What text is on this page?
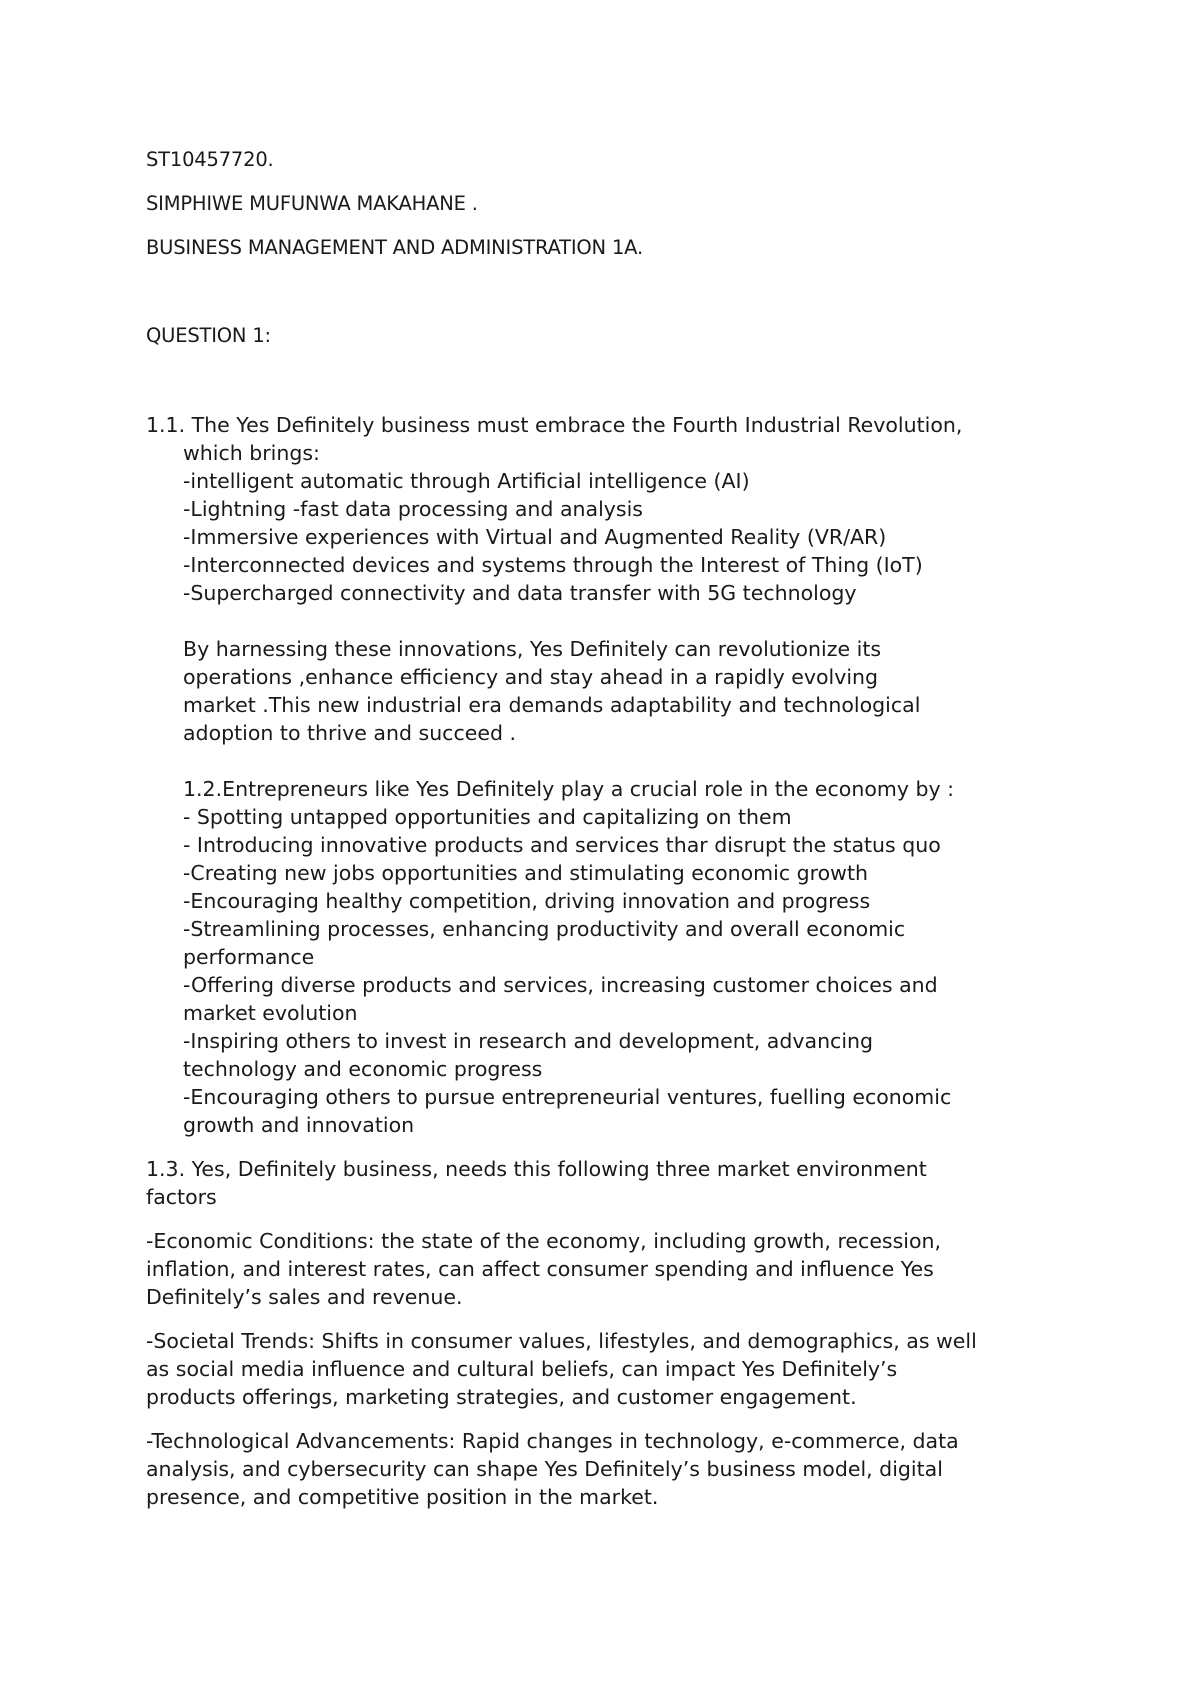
ST10457720.

SIMPHIWE MUFUNWA MAKAHANE .

BUSINESS MANAGEMENT AND ADMINISTRATION 1A.

QUESTION 1:

1.1. The Yes Definitely business must embrace the Fourth Industrial Revolution,

which brings:

-intelligent automatic through Artificial intelligence (AI)

-Lightning -fast data processing and analysis

-Immersive experiences with Virtual and Augmented Reality (VR/AR)

-Interconnected devices and systems through the Interest of Thing (IoT)

-Supercharged connectivity and data transfer with 5G technology

By harnessing these innovations, Yes Definitely can revolutionize its

operations ,enhance efficiency and stay ahead in a rapidly evolving

market .This new industrial era demands adaptability and technological

adoption to thrive and succeed .

1.2.Entrepreneurs like Yes Definitely play a crucial role in the economy by :

- Spotting untapped opportunities and capitalizing on them

- Introducing innovative products and services thar disrupt the status quo

-Creating new jobs opportunities and stimulating economic growth

-Encouraging healthy competition, driving innovation and progress

-Streamlining processes, enhancing productivity and overall economic

performance

-Offering diverse products and services, increasing customer choices and

market evolution

-Inspiring others to invest in research and development, advancing

technology and economic progress

-Encouraging others to pursue entrepreneurial ventures, fuelling economic

growth and innovation

1.3. Yes, Definitely business, needs this following three market environment

factors

-Economic Conditions: the state of the economy, including growth, recession,

inflation, and interest rates, can affect consumer spending and influence Yes

Definitely’s sales and revenue.

-Societal Trends: Shifts in consumer values, lifestyles, and demographics, as well

as social media influence and cultural beliefs, can impact Yes Definitely’s

products offerings, marketing strategies, and customer engagement.

-Technological Advancements: Rapid changes in technology, e-commerce, data

analysis, and cybersecurity can shape Yes Definitely’s business model, digital

presence, and competitive position in the market.
